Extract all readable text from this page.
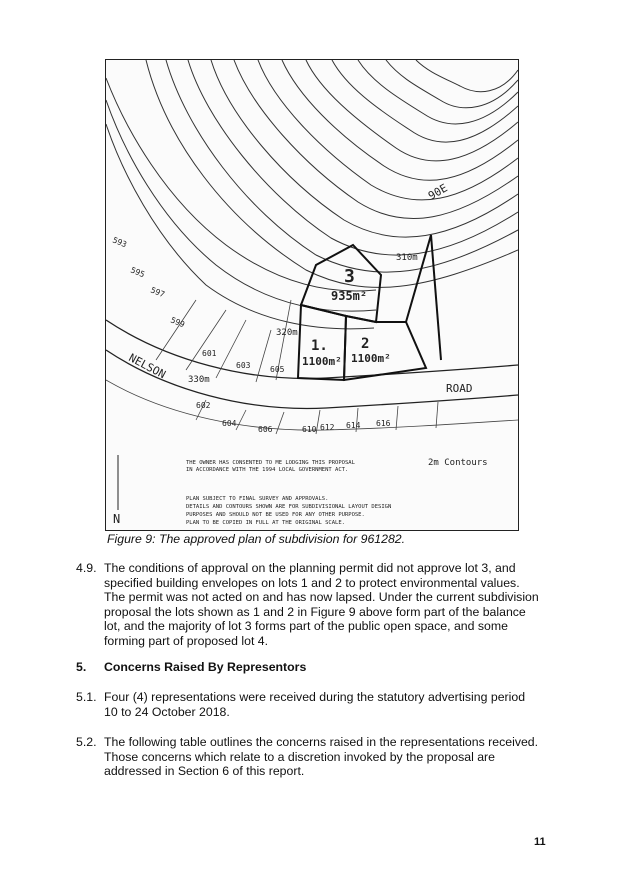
3
935m²
1.
1100m²
2
1100m²
NELSON
ROAD
330m
310m
320m
2m Contours
90E
THE OWNER HAS CONSENTED TO ME LODGING THIS PROPOSAL
IN ACCORDANCE WITH THE 1994 LOCAL GOVERNMENT ACT.
PLAN SUBJECT TO FINAL SURVEY AND APPROVALS.
DETAILS AND CONTOURS SHOWN ARE FOR SUBDIVISIONAL LAYOUT DESIGN
PURPOSES AND SHOULD NOT BE USED FOR ANY OTHER PURPOSE.
PLAN TO BE COPIED IN FULL AT THE ORIGINAL SCALE.
N
593
595
597
599
601
603 605
602
604
606	610 612 614 616
Figure 9: The approved plan of subdivision for 961282.
4.9. The conditions of approval on the planning permit did not approve lot 3, and
specified building envelopes on lots 1 and 2 to protect environmental values.
The permit was not acted on and has now lapsed. Under the current subdivision
proposal the lots shown as 1 and 2 in Figure 9 above form part of the balance
lot, and the majority of lot 3 forms part of the public open space, and some
forming part of proposed lot 4.
5. Concerns Raised By Representors
5.1. Four (4) representations were received during the statutory advertising period
10 to 24 October 2018.
5.2. The following table outlines the concerns raised in the representations received.
Those concerns which relate to a discretion invoked by the proposal are
addressed in Section 6 of this report.
11
